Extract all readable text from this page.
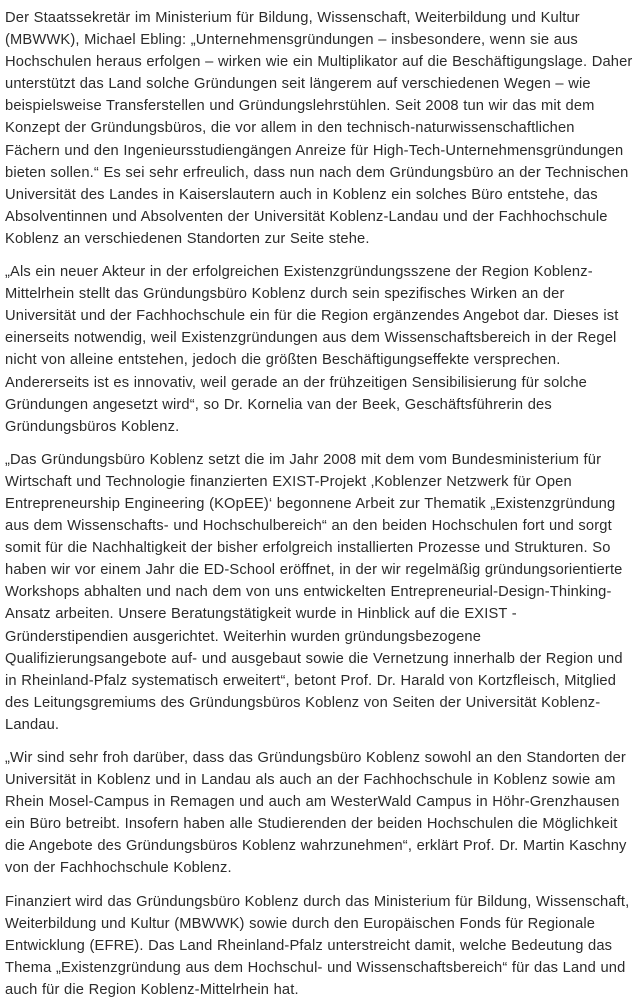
Der Staatssekretär im Ministerium für Bildung, Wissenschaft, Weiterbildung und Kultur (MBWWK), Michael Ebling: „Unternehmensgründungen – insbesondere, wenn sie aus Hochschulen heraus erfolgen – wirken wie ein Multiplikator auf die Beschäftigungslage. Daher unterstützt das Land solche Gründungen seit längerem auf verschiedenen Wegen – wie beispielsweise Transferstellen und Gründungslehrstühlen. Seit 2008 tun wir das mit dem Konzept der Gründungsbüros, die vor allem in den technisch-naturwissenschaftlichen Fächern und den Ingenieursstudiengängen Anreize für High-Tech-Unternehmensgründungen bieten sollen.“ Es sei sehr erfreulich, dass nun nach dem Gründungsbüro an der Technischen Universität des Landes in Kaiserslautern auch in Koblenz ein solches Büro entstehe, das Absolventinnen und Absolventen der Universität Koblenz-Landau und der Fachhochschule Koblenz an verschiedenen Standorten zur Seite stehe.

„Als ein neuer Akteur in der erfolgreichen Existenzgründungsszene der Region Koblenz-Mittelrhein stellt das Gründungsbüro Koblenz durch sein spezifisches Wirken an der Universität und der Fachhochschule ein für die Region ergänzendes Angebot dar. Dieses ist einerseits notwendig, weil Existenzgründungen aus dem Wissenschaftsbereich in der Regel nicht von alleine entstehen, jedoch die größten Beschäftigungseffekte versprechen. Andererseits ist es innovativ, weil gerade an der frühzeitigen Sensibilisierung für solche Gründungen angesetzt wird“, so Dr. Kornelia van der Beek, Geschäftsführerin des Gründungsbüros Koblenz.

„Das Gründungsbüro Koblenz setzt die im Jahr 2008 mit dem vom Bundesministerium für Wirtschaft und Technologie finanzierten EXIST-Projekt ‚Koblenzer Netzwerk für Open Entrepreneurship Engineering (KOpEE)‘ begonnene Arbeit zur Thematik „Existenzgründung aus dem Wissenschafts- und Hochschulbereich“ an den beiden Hochschulen fort und sorgt somit für die Nachhaltigkeit der bisher erfolgreich installierten Prozesse und Strukturen. So haben wir vor einem Jahr die ED-School eröffnet, in der wir regelmäßig gründungsorientierte Workshops abhalten und nach dem von uns entwickelten Entrepreneurial-Design-Thinking-Ansatz arbeiten. Unsere Beratungstätigkeit wurde in Hinblick auf die EXIST -Gründerstipendien ausgerichtet. Weiterhin wurden gründungsbezogene Qualifizierungsangebote auf- und ausgebaut sowie die Vernetzung innerhalb der Region und in Rheinland-Pfalz systematisch erweitert“, betont Prof. Dr. Harald von Kortzfleisch, Mitglied des Leitungsgremiums des Gründungsbüros Koblenz von Seiten der Universität Koblenz-Landau.

„Wir sind sehr froh darüber, dass das Gründungsbüro Koblenz sowohl an den Standorten der Universität in Koblenz und in Landau als auch an der Fachhochschule in Koblenz sowie am Rhein Mosel-Campus in Remagen und auch am WesterWald Campus in Höhr-Grenzhausen ein Büro betreibt. Insofern haben alle Studierenden der beiden Hochschulen die Möglichkeit die Angebote des Gründungsbüros Koblenz wahrzunehmen“, erklärt Prof. Dr. Martin Kaschny von der Fachhochschule Koblenz.

Finanziert wird das Gründungsbüro Koblenz durch das Ministerium für Bildung, Wissenschaft, Weiterbildung und Kultur (MBWWK) sowie durch den Europäischen Fonds für Regionale Entwicklung (EFRE). Das Land Rheinland-Pfalz unterstreicht damit, welche Bedeutung das Thema „Existenzgründung aus dem Hochschul- und Wissenschaftsbereich“ für das Land und auch für die Region Koblenz-Mittelrhein hat.
